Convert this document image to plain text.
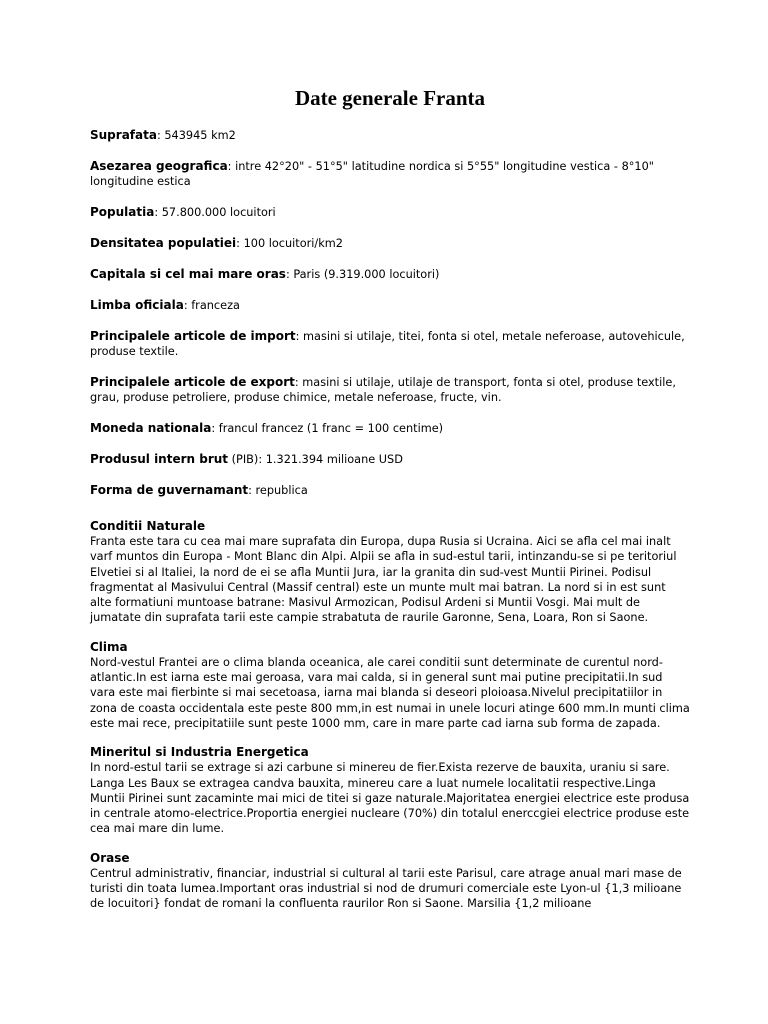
Date generale Franta

Suprafata: 543945 km2

Asezarea geografica: intre 42°20" - 51°5" latitudine nordica si 5°55" longitudine vestica - 8°10" longitudine estica

Populatia: 57.800.000 locuitori

Densitatea populatiei: 100 locuitori/km2

Capitala si cel mai mare oras: Paris (9.319.000 locuitori)

Limba oficiala: franceza

Principalele articole de import: masini si utilaje, titei, fonta si otel, metale neferoase, autovehicule, produse textile.

Principalele articole de export: masini si utilaje, utilaje de transport, fonta si otel, produse textile, grau, produse petroliere, produse chimice, metale neferoase, fructe, vin.

Moneda nationala: francul francez (1 franc = 100 centime)

Produsul intern brut (PIB): 1.321.394 milioane USD

Forma de guvernamant: republica

Conditii Naturale

Franta este tara cu cea mai mare suprafata din Europa, dupa Rusia si Ucraina. Aici se afla cel mai inalt varf muntos din Europa - Mont Blanc din Alpi. Alpii se afla in sud-estul tarii, intinzandu-se si pe teritoriul Elvetiei si al Italiei, la nord de ei se afla Muntii Jura, iar la granita din sud-vest Muntii Pirinei. Podisul fragmentat al Masivului Central (Massif central) este un munte mult mai batran. La nord si in est sunt alte formatiuni muntoase batrane: Masivul Armozican, Podisul Ardeni si Muntii Vosgi. Mai mult de jumatate din suprafata tarii este campie strabatuta de raurile Garonne, Sena, Loara, Ron si Saone.

Clima

Nord-vestul Frantei are o clima blanda oceanica, ale carei conditii sunt determinate de curentul nord-atlantic.In est iarna este mai geroasa, vara mai calda, si in general sunt mai putine precipitatii.In sud vara este mai fierbinte si mai secetoasa, iarna mai blanda si deseori ploioasa.Nivelul precipitatiilor in zona de coasta occidentala este peste 800 mm,in est numai in unele locuri atinge 600 mm.In munti clima este mai rece, precipitatiile sunt peste 1000 mm, care in mare parte cad iarna sub forma de zapada.

Mineritul si Industria Energetica

In nord-estul tarii se extrage si azi carbune si minereu de fier.Exista rezerve de bauxita, uraniu si sare. Langa Les Baux se extragea candva bauxita, minereu care a luat numele localitatii respective.Linga Muntii Pirinei sunt zacaminte mai mici de titei si gaze naturale.Majoritatea energiei electrice este produsa in centrale atomo-electrice.Proportia energiei nucleare (70%) din totalul enerccgiei electrice produse este cea mai mare din lume.

Orase

Centrul administrativ, financiar, industrial si cultural al tarii este Parisul, care atrage anual mari mase de turisti din toata lumea.Important oras industrial si nod de drumuri comerciale este Lyon-ul {1,3 milioane de locuitori} fondat de romani la confluenta raurilor Ron si Saone. Marsilia {1,2 milioane
